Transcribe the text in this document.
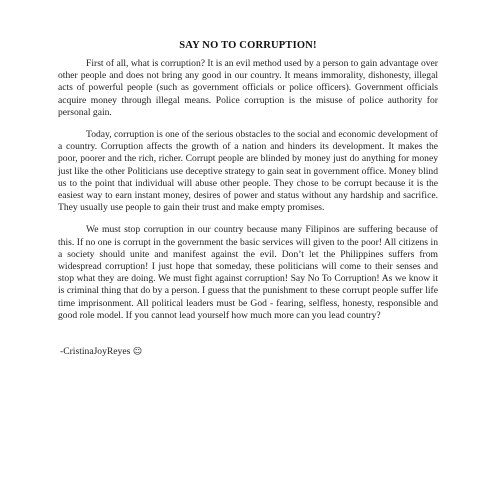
SAY NO TO CORRUPTION!

First of all, what is corruption? It is an evil method used by a person to gain advantage over other people and does not bring any good in our country. It means immorality, dishonesty, illegal acts of powerful people (such as government officials or police officers). Government officials acquire money through illegal means. Police corruption is the misuse of police authority for personal gain.

Today, corruption is one of the serious obstacles to the social and economic development of a country. Corruption affects the growth of a nation and hinders its development. It makes the poor, poorer and the rich, richer. Corrupt people are blinded by money just do anything for money just like the other Politicians use deceptive strategy to gain seat in government office. Money blind us to the point that individual will abuse other people. They chose to be corrupt because it is the easiest way to earn instant money, desires of power and status without any hardship and sacrifice. They usually use people to gain their trust and make empty promises.

We must stop corruption in our country because many Filipinos are suffering because of this. If no one is corrupt in the government the basic services will given to the poor! All citizens in a society should unite and manifest against the evil. Don’t let the Philippines suffers from widespread corruption! I just hope that someday, these politicians will come to their senses and stop what they are doing. We must fight against corruption! Say No To Corruption! As we know it is criminal thing that do by a person. I guess that the punishment to these corrupt people suffer life time imprisonment. All political leaders must be God - fearing, selfless, honesty, responsible and good role model. If you cannot lead yourself how much more can you lead country?

-CristinaJoyReyes ☺
